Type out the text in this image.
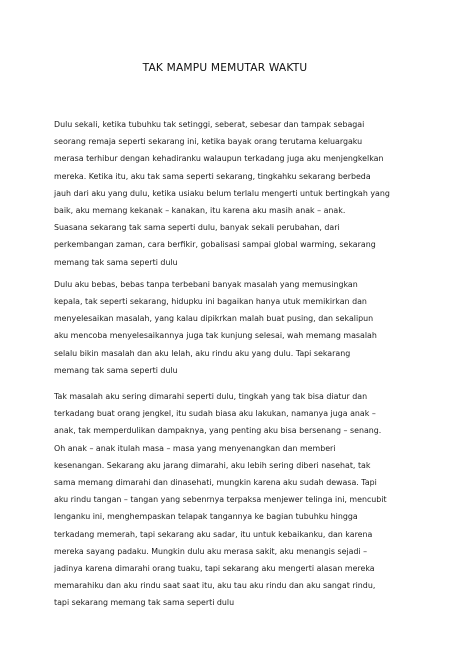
TAK MAMPU MEMUTAR WAKTU

Dulu sekali, ketika tubuhku tak setinggi, seberat, sebesar dan tampak sebagai
seorang remaja seperti sekarang ini, ketika bayak orang terutama keluargaku
merasa terhibur dengan kehadiranku walaupun terkadang juga aku menjengkelkan
mereka. Ketika itu, aku tak sama seperti sekarang, tingkahku sekarang berbeda
jauh dari aku yang dulu, ketika usiaku belum terlalu mengerti untuk bertingkah yang
baik, aku memang kekanak – kanakan, itu karena aku masih anak – anak.
Suasana sekarang tak sama seperti dulu, banyak sekali perubahan, dari
perkembangan zaman, cara berfikir, gobalisasi sampai global warming, sekarang
memang tak sama seperti dulu

Dulu aku bebas, bebas tanpa terbebani banyak masalah yang memusingkan
kepala, tak seperti sekarang, hidupku ini bagaikan hanya utuk memikirkan dan
menyelesaikan masalah, yang kalau dipikrkan malah buat pusing, dan sekalipun
aku mencoba menyelesaikannya juga tak kunjung selesai, wah memang masalah
selalu bikin masalah dan aku lelah, aku rindu aku yang dulu. Tapi sekarang
memang tak sama seperti dulu

Tak masalah aku sering dimarahi seperti dulu, tingkah yang tak bisa diatur dan
terkadang buat orang jengkel, itu sudah biasa aku lakukan, namanya juga anak –
anak, tak memperdulikan dampaknya, yang penting aku bisa bersenang – senang.
Oh anak – anak itulah masa – masa yang menyenangkan dan memberi
kesenangan. Sekarang aku jarang dimarahi, aku lebih sering diberi nasehat, tak
sama memang dimarahi dan dinasehati, mungkin karena aku sudah dewasa. Tapi
aku rindu tangan – tangan yang sebenrnya terpaksa menjewer telinga ini, mencubit
lenganku ini, menghempaskan telapak tangannya ke bagian tubuhku hingga
terkadang memerah, tapi sekarang aku sadar, itu untuk kebaikanku, dan karena
mereka sayang padaku. Mungkin dulu aku merasa sakit, aku menangis sejadi –
jadinya karena dimarahi orang tuaku, tapi sekarang aku mengerti alasan mereka
memarahiku dan aku rindu saat saat itu, aku tau aku rindu dan aku sangat rindu,
tapi sekarang memang tak sama seperti dulu
